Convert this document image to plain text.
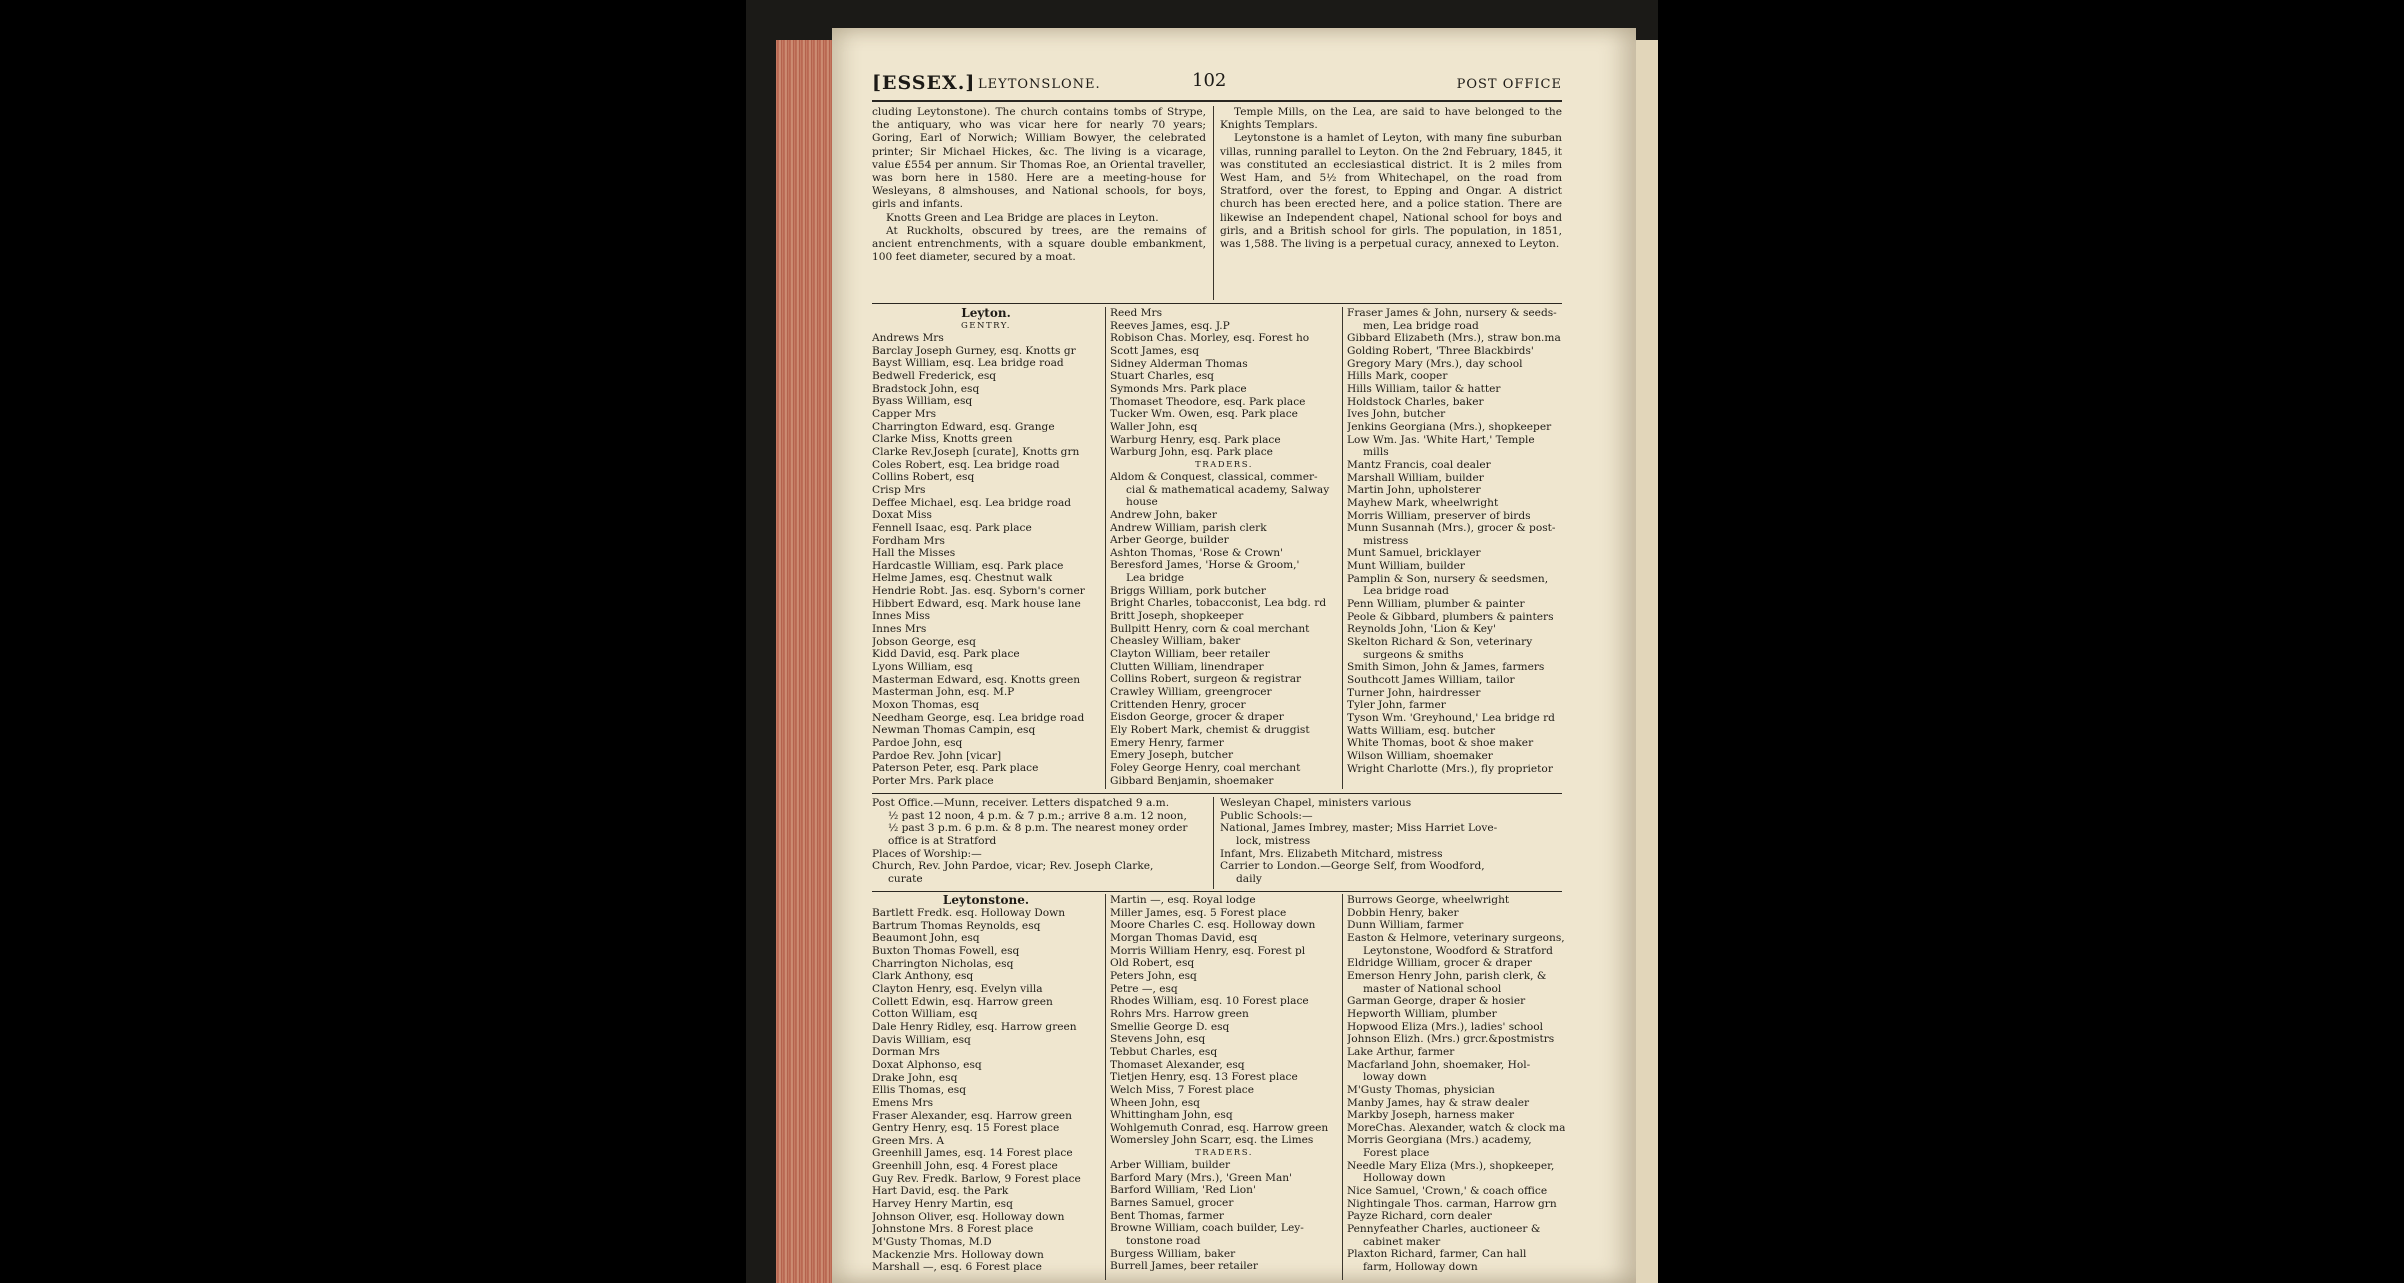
[ESSEX.] LEYTONSLONE.	102	POST OFFICE

cluding Leytonstone). The church contains tombs of Strype, the antiquary, who was vicar here for nearly 70 years; Goring, Earl of Norwich; William Bowyer, the celebrated printer; Sir Michael Hickes, &c. The living is a vicarage, value £554 per annum. Sir Thomas Roe, an Oriental traveller, was born here in 1580. Here are a meeting-house for Wesleyans, 8 almshouses, and National schools, for boys, girls and infants.

Knotts Green and Lea Bridge are places in Leyton.

At Ruckholts, obscured by trees, are the remains of ancient entrenchments, with a square double embankment, 100 feet diameter, secured by a moat.

Temple Mills, on the Lea, are said to have belonged to the Knights Templars.

Leytonstone is a hamlet of Leyton, with many fine suburban villas, running parallel to Leyton. On the 2nd February, 1845, it was constituted an ecclesiastical district. It is 2 miles from West Ham, and 5½ from Whitechapel, on the road from Stratford, over the forest, to Epping and Ongar. A district church has been erected here, and a police station. There are likewise an Independent chapel, National school for boys and girls, and a British school for girls. The population, in 1851, was 1,588. The living is a perpetual curacy, annexed to Leyton.

Leyton.
GENTRY.
Andrews Mrs
Barclay Joseph Gurney, esq. Knotts gr
Bayst William, esq. Lea bridge road
Bedwell Frederick, esq
Bradstock John, esq
Byass William, esq
Capper Mrs
Charrington Edward, esq. Grange
Clarke Miss, Knotts green
Clarke Rev.Joseph [curate], Knotts grn
Coles Robert, esq. Lea bridge road
Collins Robert, esq
Crisp Mrs
Deffee Michael, esq. Lea bridge road
Doxat Miss
Fennell Isaac, esq. Park place
Fordham Mrs
Hall the Misses
Hardcastle William, esq. Park place
Helme James, esq. Chestnut walk
Hendrie Robt. Jas. esq. Syborn's corner
Hibbert Edward, esq. Mark house lane
Innes Miss
Innes Mrs
Jobson George, esq
Kidd David, esq. Park place
Lyons William, esq
Masterman Edward, esq. Knotts green
Masterman John, esq. M.P
Moxon Thomas, esq
Needham George, esq. Lea bridge road
Newman Thomas Campin, esq
Pardoe John, esq
Pardoe Rev. John [vicar]
Paterson Peter, esq. Park place
Porter Mrs. Park place
Reed Mrs
Reeves James, esq. J.P
Robison Chas. Morley, esq. Forest ho
Scott James, esq
Sidney Alderman Thomas
Stuart Charles, esq
Symonds Mrs. Park place
Thomaset Theodore, esq. Park place
Tucker Wm. Owen, esq. Park place
Waller John, esq
Warburg Henry, esq. Park place
Warburg John, esq. Park place
TRADERS.
Aldom & Conquest, classical, commer-
cial & mathematical academy, Salway
house
Andrew John, baker
Andrew William, parish clerk
Arber George, builder
Ashton Thomas, 'Rose & Crown'
Beresford James, 'Horse & Groom,'
Lea bridge
Briggs William, pork butcher
Bright Charles, tobacconist, Lea bdg. rd
Britt Joseph, shopkeeper
Bullpitt Henry, corn & coal merchant
Cheasley William, baker
Clayton William, beer retailer
Clutten William, linendraper
Collins Robert, surgeon & registrar
Crawley William, greengrocer
Crittenden Henry, grocer
Eisdon George, grocer & draper
Ely Robert Mark, chemist & druggist
Emery Henry, farmer
Emery Joseph, butcher
Foley George Henry, coal merchant
Gibbard Benjamin, shoemaker
Fraser James & John, nursery & seeds-
men, Lea bridge road
Gibbard Elizabeth (Mrs.), straw bon.ma
Golding Robert, 'Three Blackbirds'
Gregory Mary (Mrs.), day school
Hills Mark, cooper
Hills William, tailor & hatter
Holdstock Charles, baker
Ives John, butcher
Jenkins Georgiana (Mrs.), shopkeeper
Low Wm. Jas. 'White Hart,' Temple
mills
Mantz Francis, coal dealer
Marshall William, builder
Martin John, upholsterer
Mayhew Mark, wheelwright
Morris William, preserver of birds
Munn Susannah (Mrs.), grocer & post-
mistress
Munt Samuel, bricklayer
Munt William, builder
Pamplin & Son, nursery & seedsmen,
Lea bridge road
Penn William, plumber & painter
Peole & Gibbard, plumbers & painters
Reynolds John, 'Lion & Key'
Skelton Richard & Son, veterinary
surgeons & smiths
Smith Simon, John & James, farmers
Southcott James William, tailor
Turner John, hairdresser
Tyler John, farmer
Tyson Wm. 'Greyhound,' Lea bridge rd
Watts William, esq. butcher
White Thomas, boot & shoe maker
Wilson William, shoemaker
Wright Charlotte (Mrs.), fly proprietor
Post Office.—Munn, receiver. Letters dispatched 9 a.m.
½ past 12 noon, 4 p.m. & 7 p.m.; arrive 8 a.m. 12 noon,
½ past 3 p.m. 6 p.m. & 8 p.m. The nearest money order
office is at Stratford
Places of Worship:—
Church, Rev. John Pardoe, vicar; Rev. Joseph Clarke,
curate
Wesleyan Chapel, ministers various
Public Schools:—
National, James Imbrey, master; Miss Harriet Love-
lock, mistress
Infant, Mrs. Elizabeth Mitchard, mistress
Carrier to London.—George Self, from Woodford,
daily
Leytonstone.
Bartlett Fredk. esq. Holloway Down
Bartrum Thomas Reynolds, esq
Beaumont John, esq
Buxton Thomas Fowell, esq
Charrington Nicholas, esq
Clark Anthony, esq
Clayton Henry, esq. Evelyn villa
Collett Edwin, esq. Harrow green
Cotton William, esq
Dale Henry Ridley, esq. Harrow green
Davis William, esq
Dorman Mrs
Doxat Alphonso, esq
Drake John, esq
Ellis Thomas, esq
Emens Mrs
Fraser Alexander, esq. Harrow green
Gentry Henry, esq. 15 Forest place
Green Mrs. A
Greenhill James, esq. 14 Forest place
Greenhill John, esq. 4 Forest place
Guy Rev. Fredk. Barlow, 9 Forest place
Hart David, esq. the Park
Harvey Henry Martin, esq
Johnson Oliver, esq. Holloway down
Johnstone Mrs. 8 Forest place
M'Gusty Thomas, M.D
Mackenzie Mrs. Holloway down
Marshall —, esq. 6 Forest place
Martin —, esq. Royal lodge
Miller James, esq. 5 Forest place
Moore Charles C. esq. Holloway down
Morgan Thomas David, esq
Morris William Henry, esq. Forest pl
Old Robert, esq
Peters John, esq
Petre —, esq
Rhodes William, esq. 10 Forest place
Rohrs Mrs. Harrow green
Smellie George D. esq
Stevens John, esq
Tebbut Charles, esq
Thomaset Alexander, esq
Tietjen Henry, esq. 13 Forest place
Welch Miss, 7 Forest place
Wheen John, esq
Whittingham John, esq
Wohlgemuth Conrad, esq. Harrow green
Womersley John Scarr, esq. the Limes
TRADERS.
Arber William, builder
Barford Mary (Mrs.), 'Green Man'
Barford William, 'Red Lion'
Barnes Samuel, grocer
Bent Thomas, farmer
Browne William, coach builder, Ley-
tonstone road
Burgess William, baker
Burrell James, beer retailer
Burrows George, wheelwright
Dobbin Henry, baker
Dunn William, farmer
Easton & Helmore, veterinary surgeons,
Leytonstone, Woodford & Stratford
Eldridge William, grocer & draper
Emerson Henry John, parish clerk, &
master of National school
Garman George, draper & hosier
Hepworth William, plumber
Hopwood Eliza (Mrs.), ladies' school
Johnson Elizh. (Mrs.) grcr.&postmistrs
Lake Arthur, farmer
Macfarland John, shoemaker, Hol-
loway down
M'Gusty Thomas, physician
Manby James, hay & straw dealer
Markby Joseph, harness maker
MoreChas. Alexander, watch & clock ma
Morris Georgiana (Mrs.) academy,
Forest place
Needle Mary Eliza (Mrs.), shopkeeper,
Holloway down
Nice Samuel, 'Crown,' & coach office
Nightingale Thos. carman, Harrow grn
Payze Richard, corn dealer
Pennyfeather Charles, auctioneer &
cabinet maker
Plaxton Richard, farmer, Can hall
farm, Holloway down
